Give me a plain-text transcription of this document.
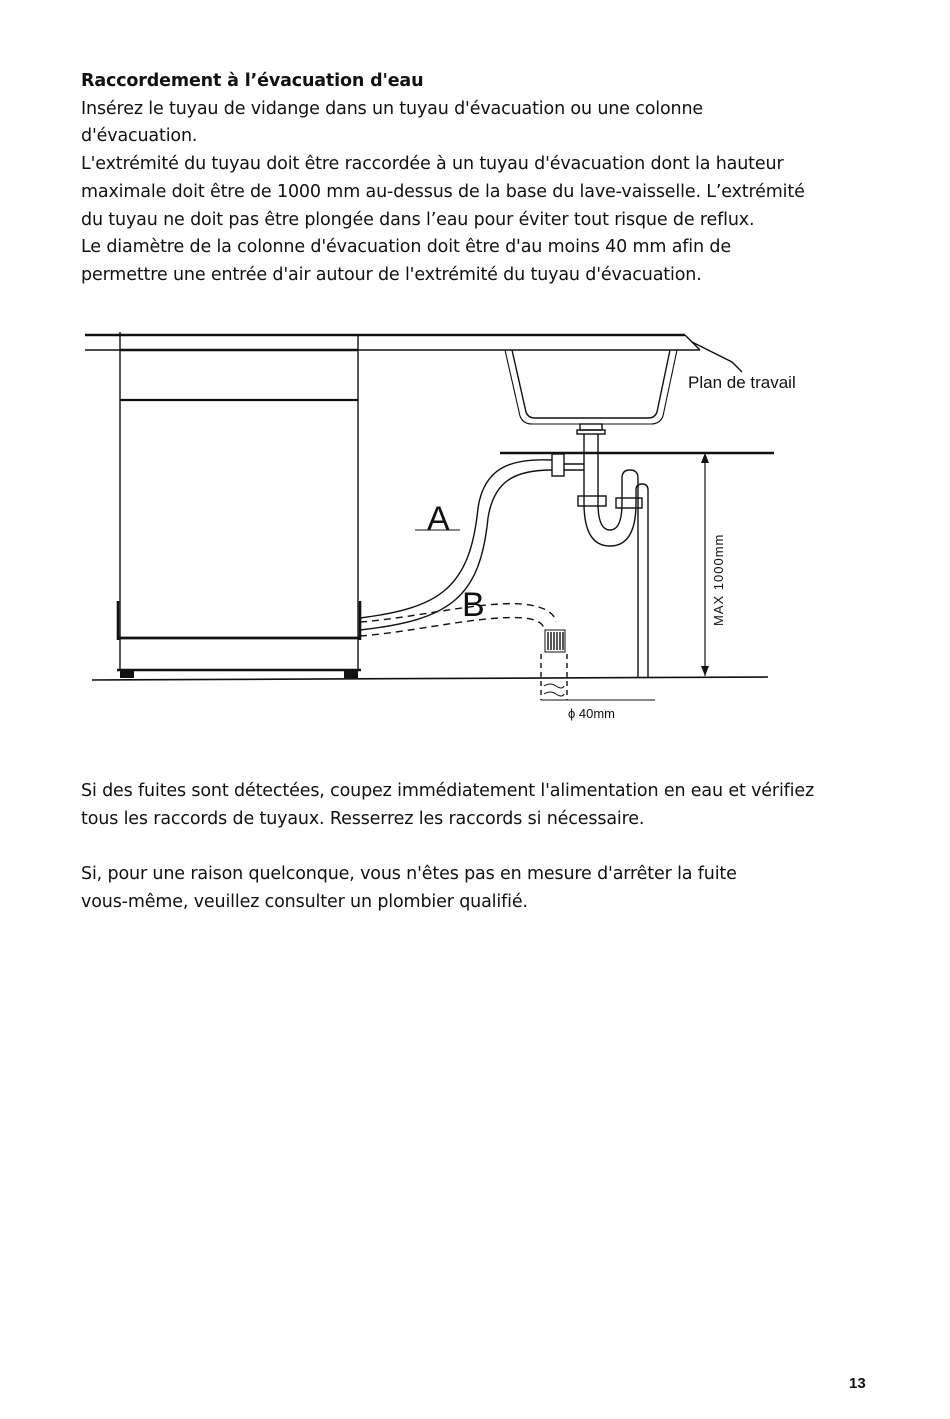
Raccordement à l’évacuation d'eau
Insérez le tuyau de vidange dans un tuyau d'évacuation ou une colonne
d'évacuation.
L'extrémité du tuyau doit être raccordée à un tuyau d'évacuation dont la hauteur
maximale doit être de 1000 mm au-dessus de la base du lave-vaisselle. L’extrémité
du tuyau ne doit pas être plongée dans l’eau pour éviter tout risque de reflux.
Le diamètre de la colonne d'évacuation doit être d'au moins 40 mm afin de
permettre une entrée d'air autour de l'extrémité du tuyau d'évacuation.
Plan de travail
A
B	MAX 1000mm
ϕ 40mm
Si des fuites sont détectées, coupez immédiatement l'alimentation en eau et vérifiez
tous les raccords de tuyaux. Resserrez les raccords si nécessaire.
Si, pour une raison quelconque, vous n'êtes pas en mesure d'arrêter la fuite
vous-même, veuillez consulter un plombier qualifié.
13
